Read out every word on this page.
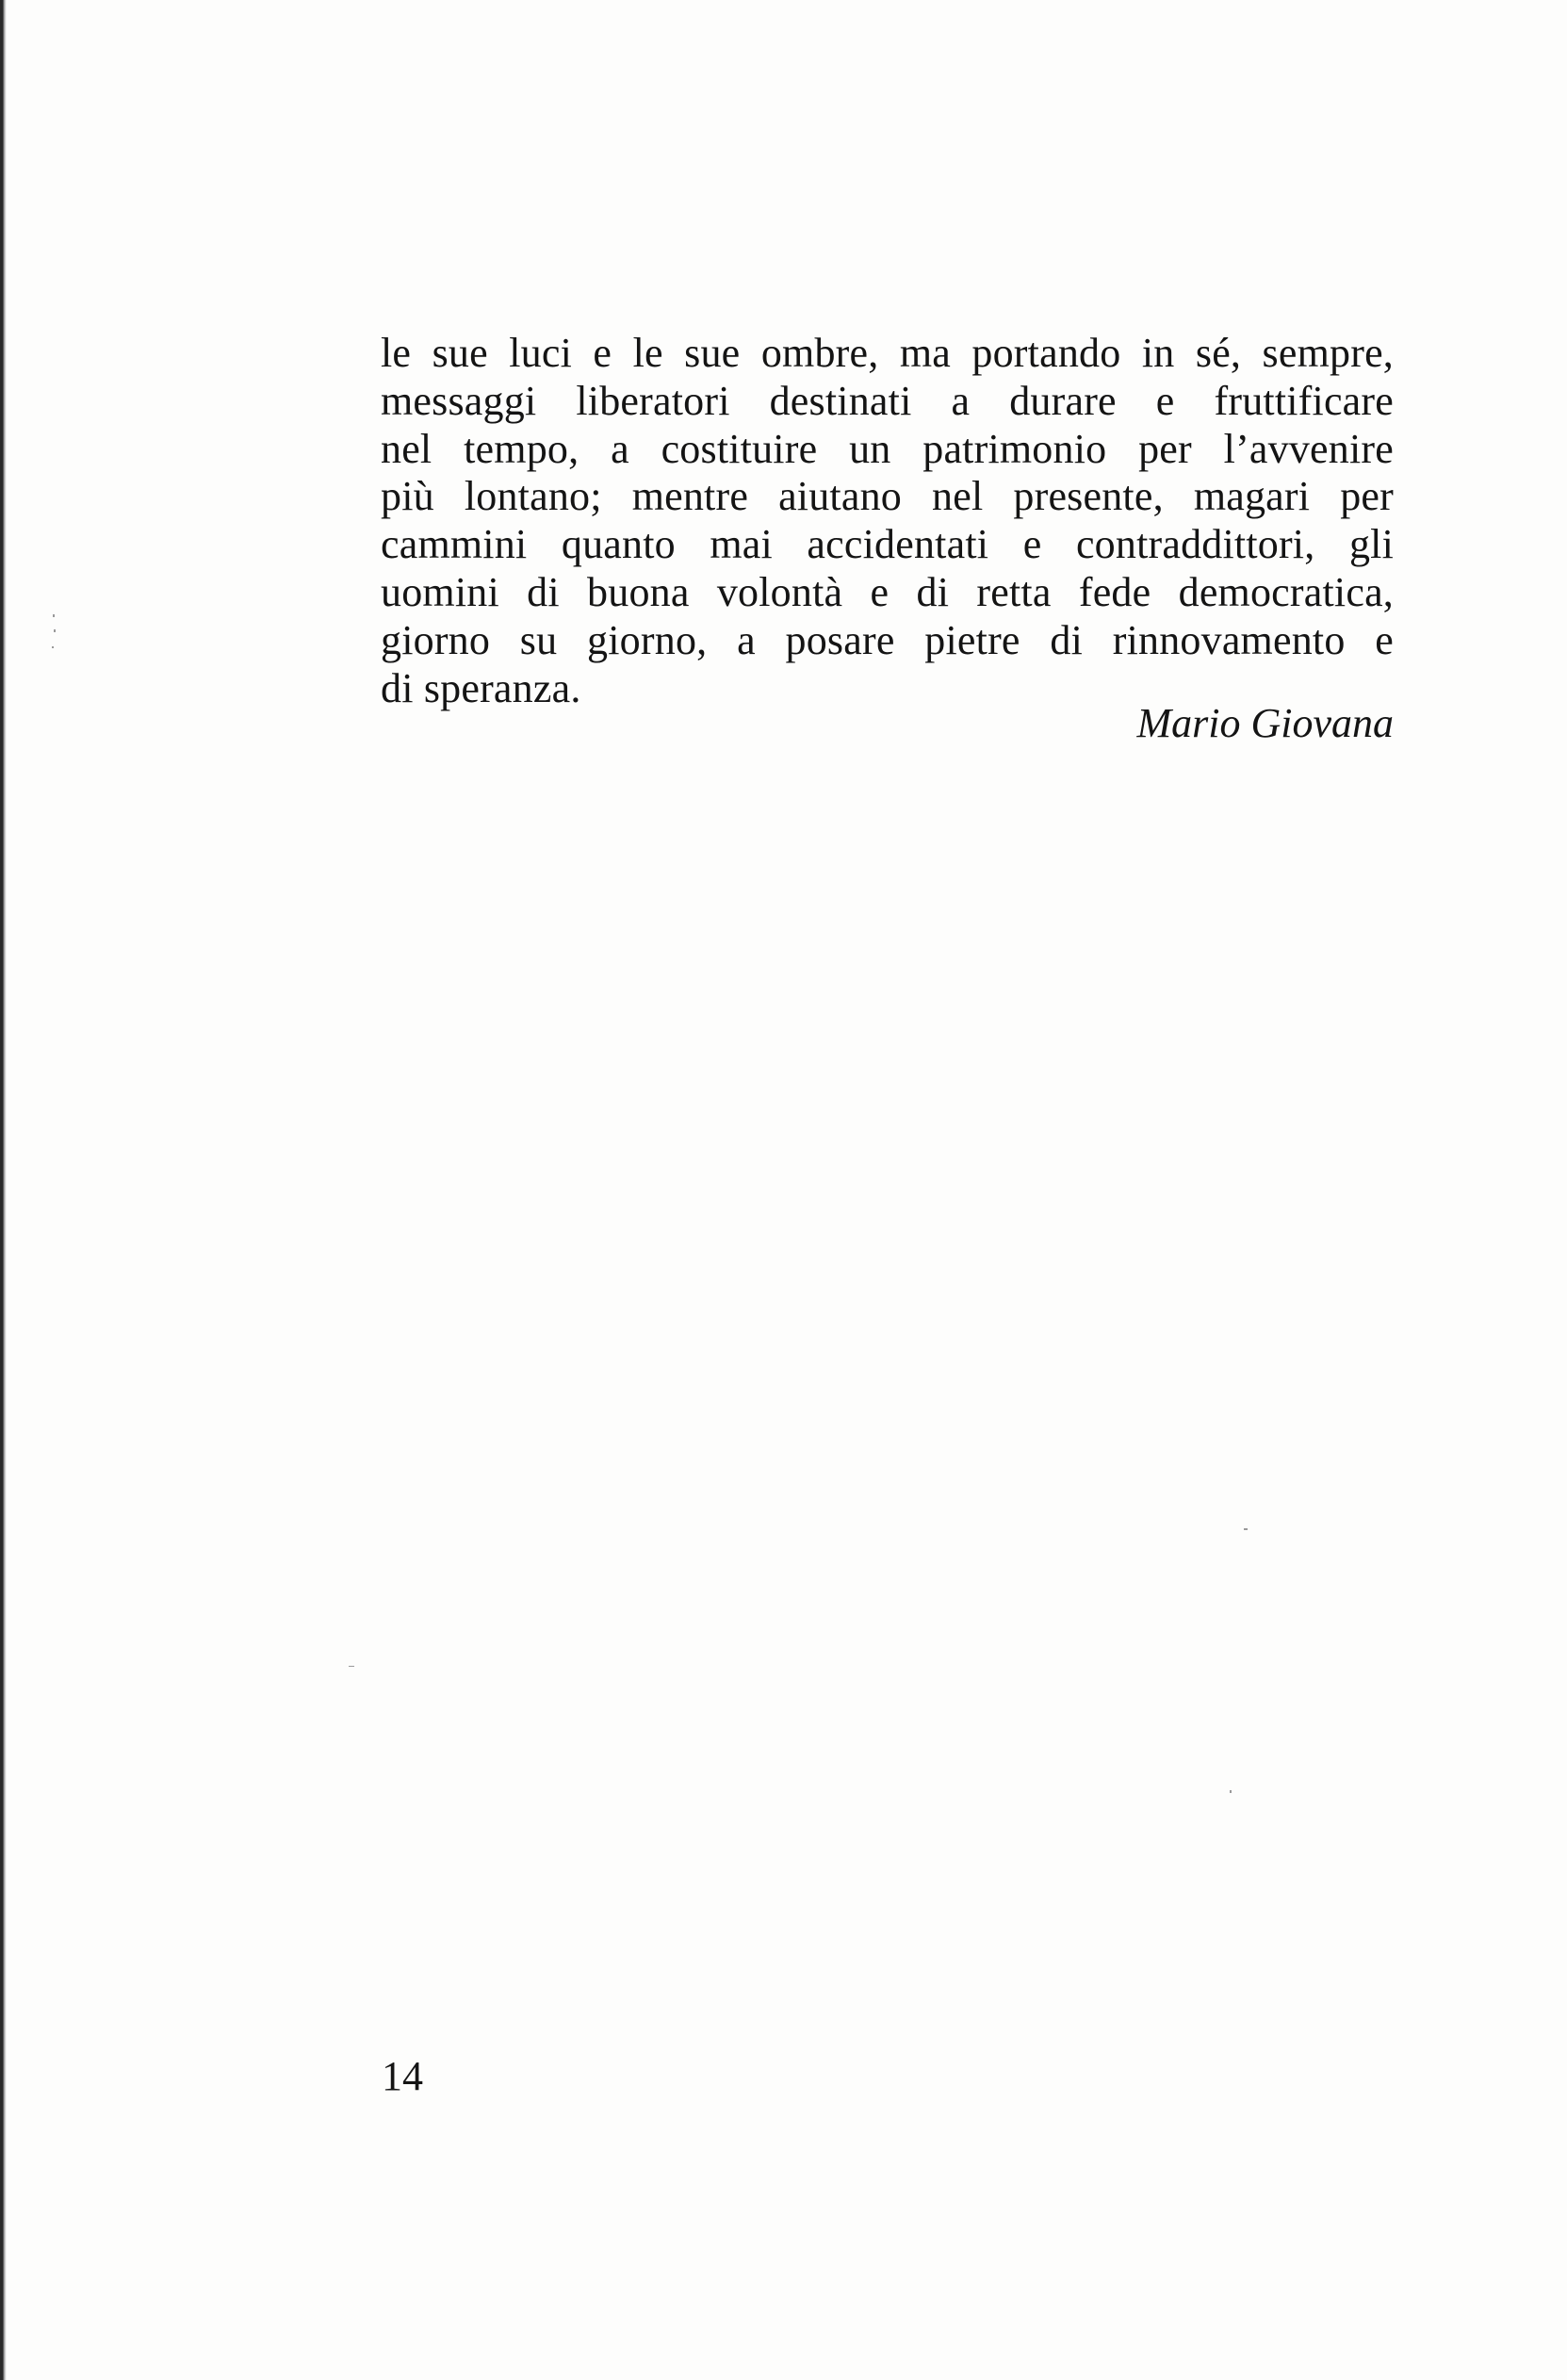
le sue luci e le sue ombre, ma portando in sé, sempre,
messaggi liberatori destinati a durare e fruttificare
nel tempo, a costituire un patrimonio per l’avvenire
più lontano; mentre aiutano nel presente, magari per
cammini quanto mai accidentati e contraddittori, gli
uomini di buona volontà e di retta fede democratica,
giorno su giorno, a posare pietre di rinnovamento e
di speranza.
Mario Giovana
14
